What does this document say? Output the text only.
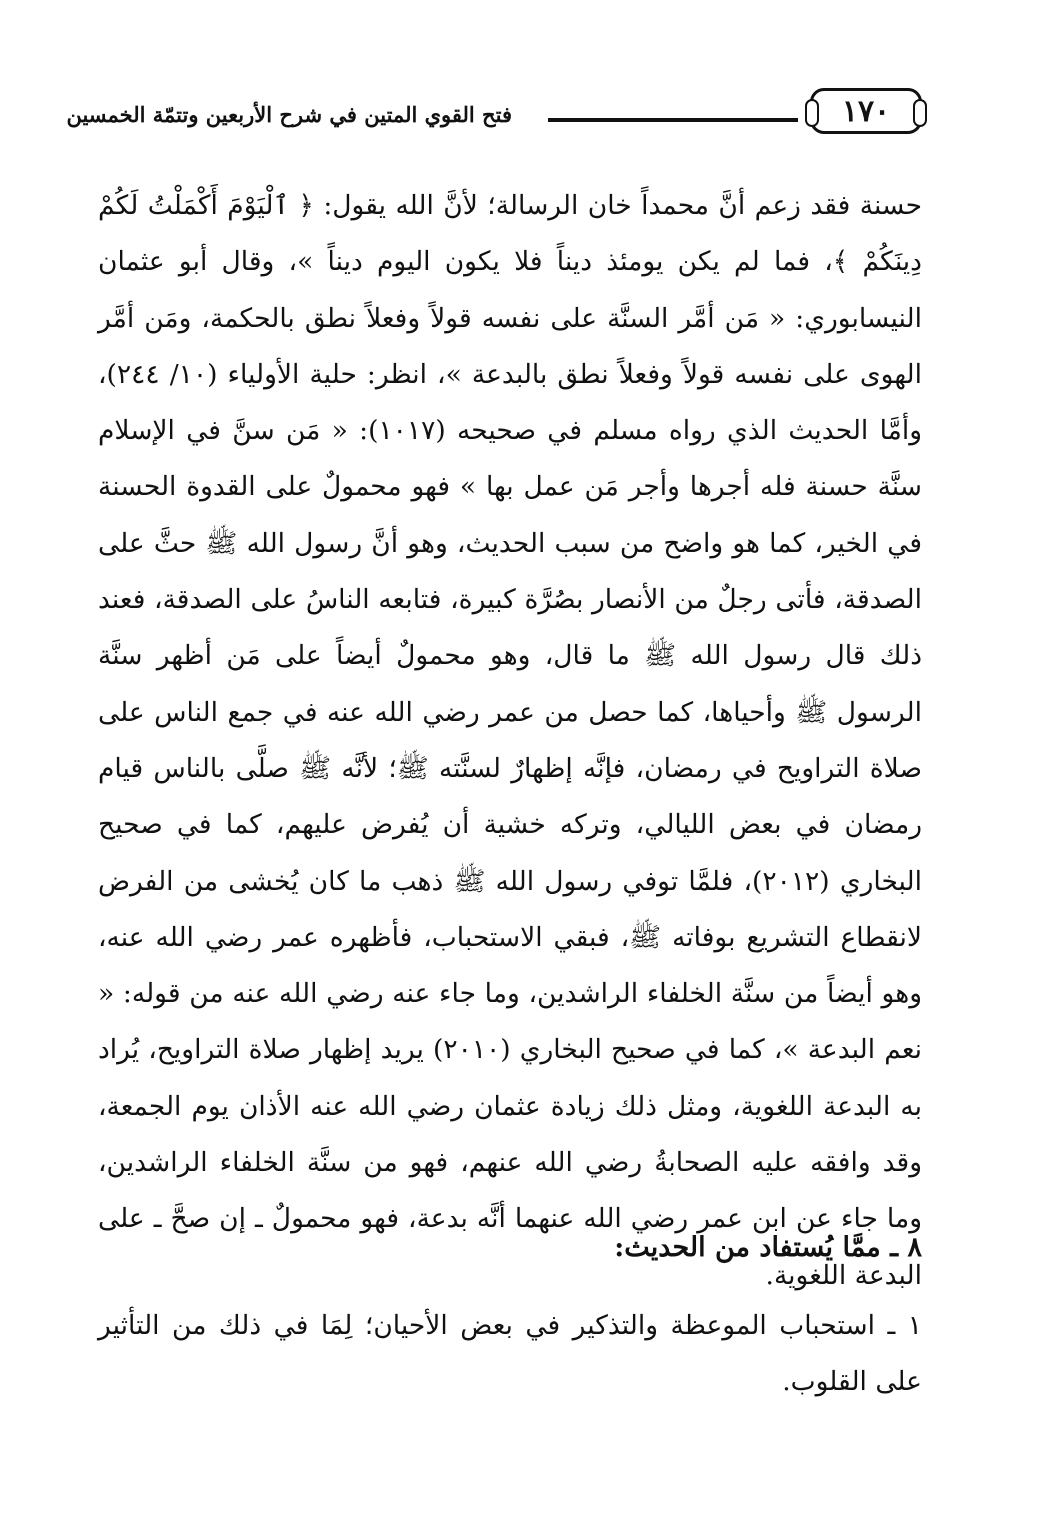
فتح القوي المتين في شرح الأربعين وتتمّة الخمسين	١٧٠

حسنة فقد زعم أنَّ محمداً خان الرسالة؛ لأنَّ الله يقول: ﴿ ٱلْيَوْمَ أَكْمَلْتُ لَكُمْ دِينَكُمْ ﴾، فما لم يكن يومئذ ديناً فلا يكون اليوم ديناً »، وقال أبو عثمان النيسابوري: « مَن أمَّر السنَّة على نفسه قولاً وفعلاً نطق بالحكمة، ومَن أمَّر الهوى على نفسه قولاً وفعلاً نطق بالبدعة »، انظر: حلية الأولياء (١٠/ ٢٤٤)، وأمَّا الحديث الذي رواه مسلم في صحيحه (١٠١٧): « مَن سنَّ في الإسلام سنَّة حسنة فله أجرها وأجر مَن عمل بها » فهو محمولٌ على القدوة الحسنة في الخير، كما هو واضح من سبب الحديث، وهو أنَّ رسول الله ﷺ حثَّ على الصدقة، فأتى رجلٌ من الأنصار بصُرَّة كبيرة، فتابعه الناسُ على الصدقة، فعند ذلك قال رسول الله ﷺ ما قال، وهو محمولٌ أيضاً على مَن أظهر سنَّة الرسول ﷺ وأحياها، كما حصل من عمر رضي الله عنه في جمع الناس على صلاة التراويح في رمضان، فإنَّه إظهارٌ لسنَّته ﷺ؛ لأنَّه ﷺ صلَّى بالناس قيام رمضان في بعض الليالي، وتركه خشية أن يُفرض عليهم، كما في صحيح البخاري (٢٠١٢)، فلمَّا توفي رسول الله ﷺ ذهب ما كان يُخشى من الفرض لانقطاع التشريع بوفاته ﷺ، فبقي الاستحباب، فأظهره عمر رضي الله عنه، وهو أيضاً من سنَّة الخلفاء الراشدين، وما جاء عنه رضي الله عنه من قوله: « نعم البدعة »، كما في صحيح البخاري (٢٠١٠) يريد إظهار صلاة التراويح، يُراد به البدعة اللغوية، ومثل ذلك زيادة عثمان رضي الله عنه الأذان يوم الجمعة، وقد وافقه عليه الصحابةُ رضي الله عنهم، فهو من سنَّة الخلفاء الراشدين، وما جاء عن ابن عمر رضي الله عنهما أنَّه بدعة، فهو محمولٌ ـ إن صحَّ ـ على البدعة اللغوية.

٨ ـ ممَّا يُستفاد من الحديث:
١ ـ استحباب الموعظة والتذكير في بعض الأحيان؛ لِمَا في ذلك من التأثير على القلوب.
